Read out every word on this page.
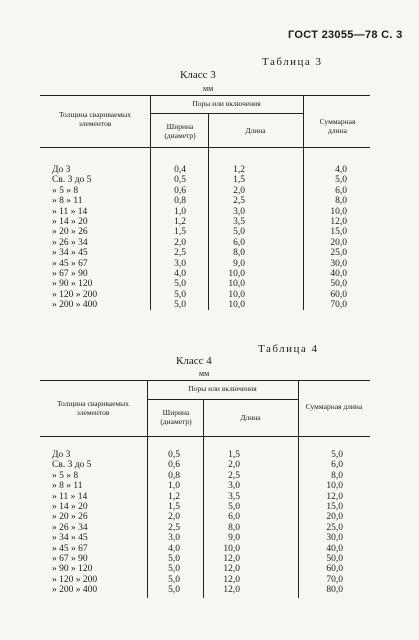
ГОСТ 23055—78 С. 3
Таблица 3
Класс 3
мм
Толщина свариваемых элементов
Поры или включения
Ширина (диаметр)	Длина
Суммарная длина
До 3	0,4	1,2	4,0
Св. 3 до 5	0,5	1,5	5,0
» 5 » 8	0,6	2,0	6,0
» 8 » 11	0,8	2,5	8,0
» 11 » 14	1,0	3,0	10,0
» 14 » 20	1,2	3,5	12,0
» 20 » 26	1,5	5,0	15,0
» 26 » 34	2,0	6,0	20,0
» 34 » 45	2,5	8,0	25,0
» 45 » 67	3,0	9,0	30,0
» 67 » 90	4,0	10,0	40,0
» 90 » 120	5,0	10,0	50,0
» 120 » 200	5,0	10,0	60,0
» 200 » 400	5,0	10,0	70,0
Таблица 4
Класс 4
мм
Толщина свариваемых элементов
Поры или включения
Ширина (диаметр)	Длина
Суммарная длина
До 3	0,5	1,5	5,0
Св. 3 до 5	0,6	2,0	6,0
» 5 » 8	0,8	2,5	8,0
» 8 » 11	1,0	3,0	10,0
» 11 » 14	1,2	3,5	12,0
» 14 » 20	1,5	5,0	15,0
» 20 » 26	2,0	6,0	20,0
» 26 » 34	2,5	8,0	25,0
» 34 » 45	3,0	9,0	30,0
» 45 » 67	4,0	10,0	40,0
» 67 » 90	5,0	12,0	50,0
» 90 » 120	5,0	12,0	60,0
» 120 » 200	5,0	12,0	70,0
» 200 » 400	5,0	12,0	80,0
